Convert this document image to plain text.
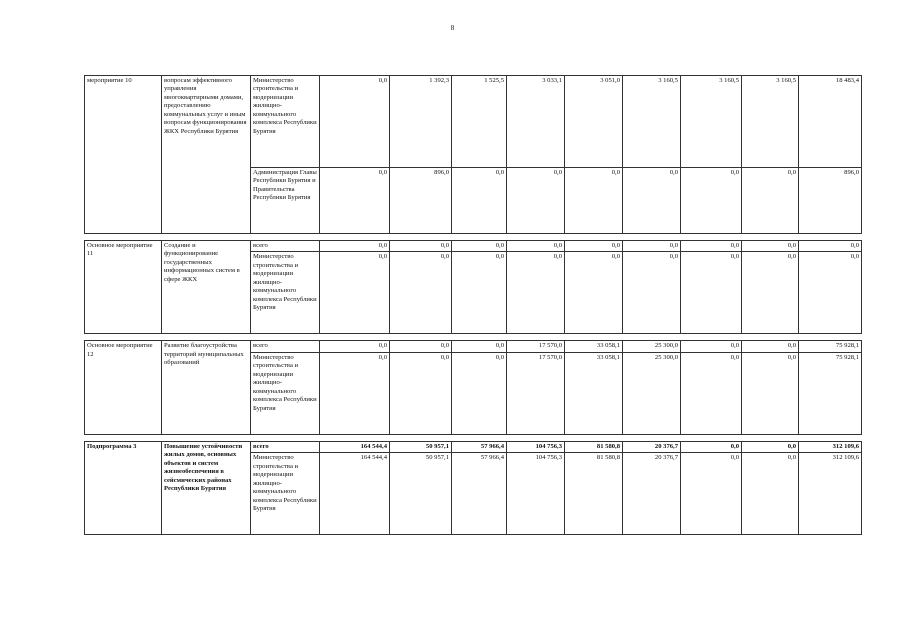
8
мероприятие 10	вопросам эффективного управления многоквартирными домами, предоставлению коммунальных услуг и иным вопросам функционирования ЖКХ Республики Бурятия	Министерство строительства и модернизации жилищно-коммунального комплекса Республики Бурятия	0,0	1 392,3	1 525,5	3 033,1	3 051,0	3 160,5	3 160,5	3 160,5	18 483,4
		Администрация Главы Республики Бурятия и Правительства Республики Бурятия	0,0	896,0	0,0	0,0	0,0	0,0	0,0	0,0	896,0

Основное мероприятие 11	Создание и функционирование государственных информационных систем в сфере ЖКХ	всего	0,0	0,0	0,0	0,0	0,0	0,0	0,0	0,0	0,0
		Министерство строительства и модернизации жилищно-коммунального комплекса Республики Бурятия	0,0	0,0	0,0	0,0	0,0	0,0	0,0	0,0	0,0

Основное мероприятие 12	Развитие благоустройства территорий муниципальных образований	всего	0,0	0,0	0,0	17 570,0	33 058,1	25 300,0	0,0	0,0	75 928,1
		Министерство строительства и модернизации жилищно-коммунального комплекса Республики Бурятия	0,0	0,0	0,0	17 570,0	33 058,1	25 300,0	0,0	0,0	75 928,1

Подпрограмма 3	Повышение устойчивости жилых домов, основных объектов и систем жизнеобеспечения в сейсмических районах Республики Бурятия	всего	164 544,4	50 957,1	57 966,4	104 756,3	81 580,8	20 376,7	0,0	0,0	312 109,6
		Министерство строительства и модернизации жилищно-коммунального комплекса Республики Бурятия	164 544,4	50 957,1	57 966,4	104 756,3	81 580,8	20 376,7	0,0	0,0	312 109,6
